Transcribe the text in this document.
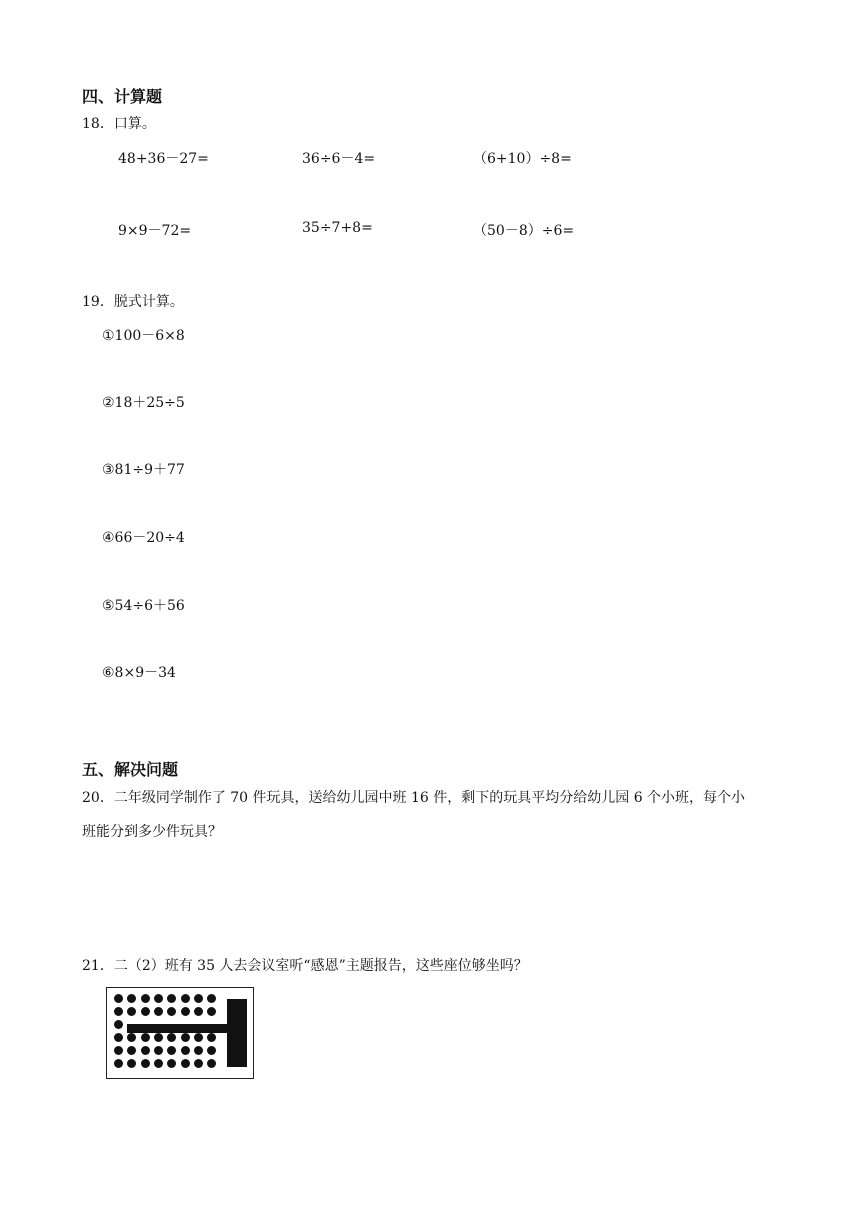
四、计算题
18．口算。
48+36－27=	36÷6－4=	（6+10）÷8=
9×9－72=	35÷7+8=	（50－8）÷6=
19．脱式计算。
①100－6×8
②18＋25÷5
③81÷9＋77
④66－20÷4
⑤54÷6＋56
⑥8×9－34
五、解决问题
20．二年级同学制作了 70 件玩具，送给幼儿园中班 16 件，剩下的玩具平均分给幼儿园 6 个小班，每个小
班能分到多少件玩具？
21．二（2）班有 35 人去会议室听“感恩”主题报告，这些座位够坐吗？
